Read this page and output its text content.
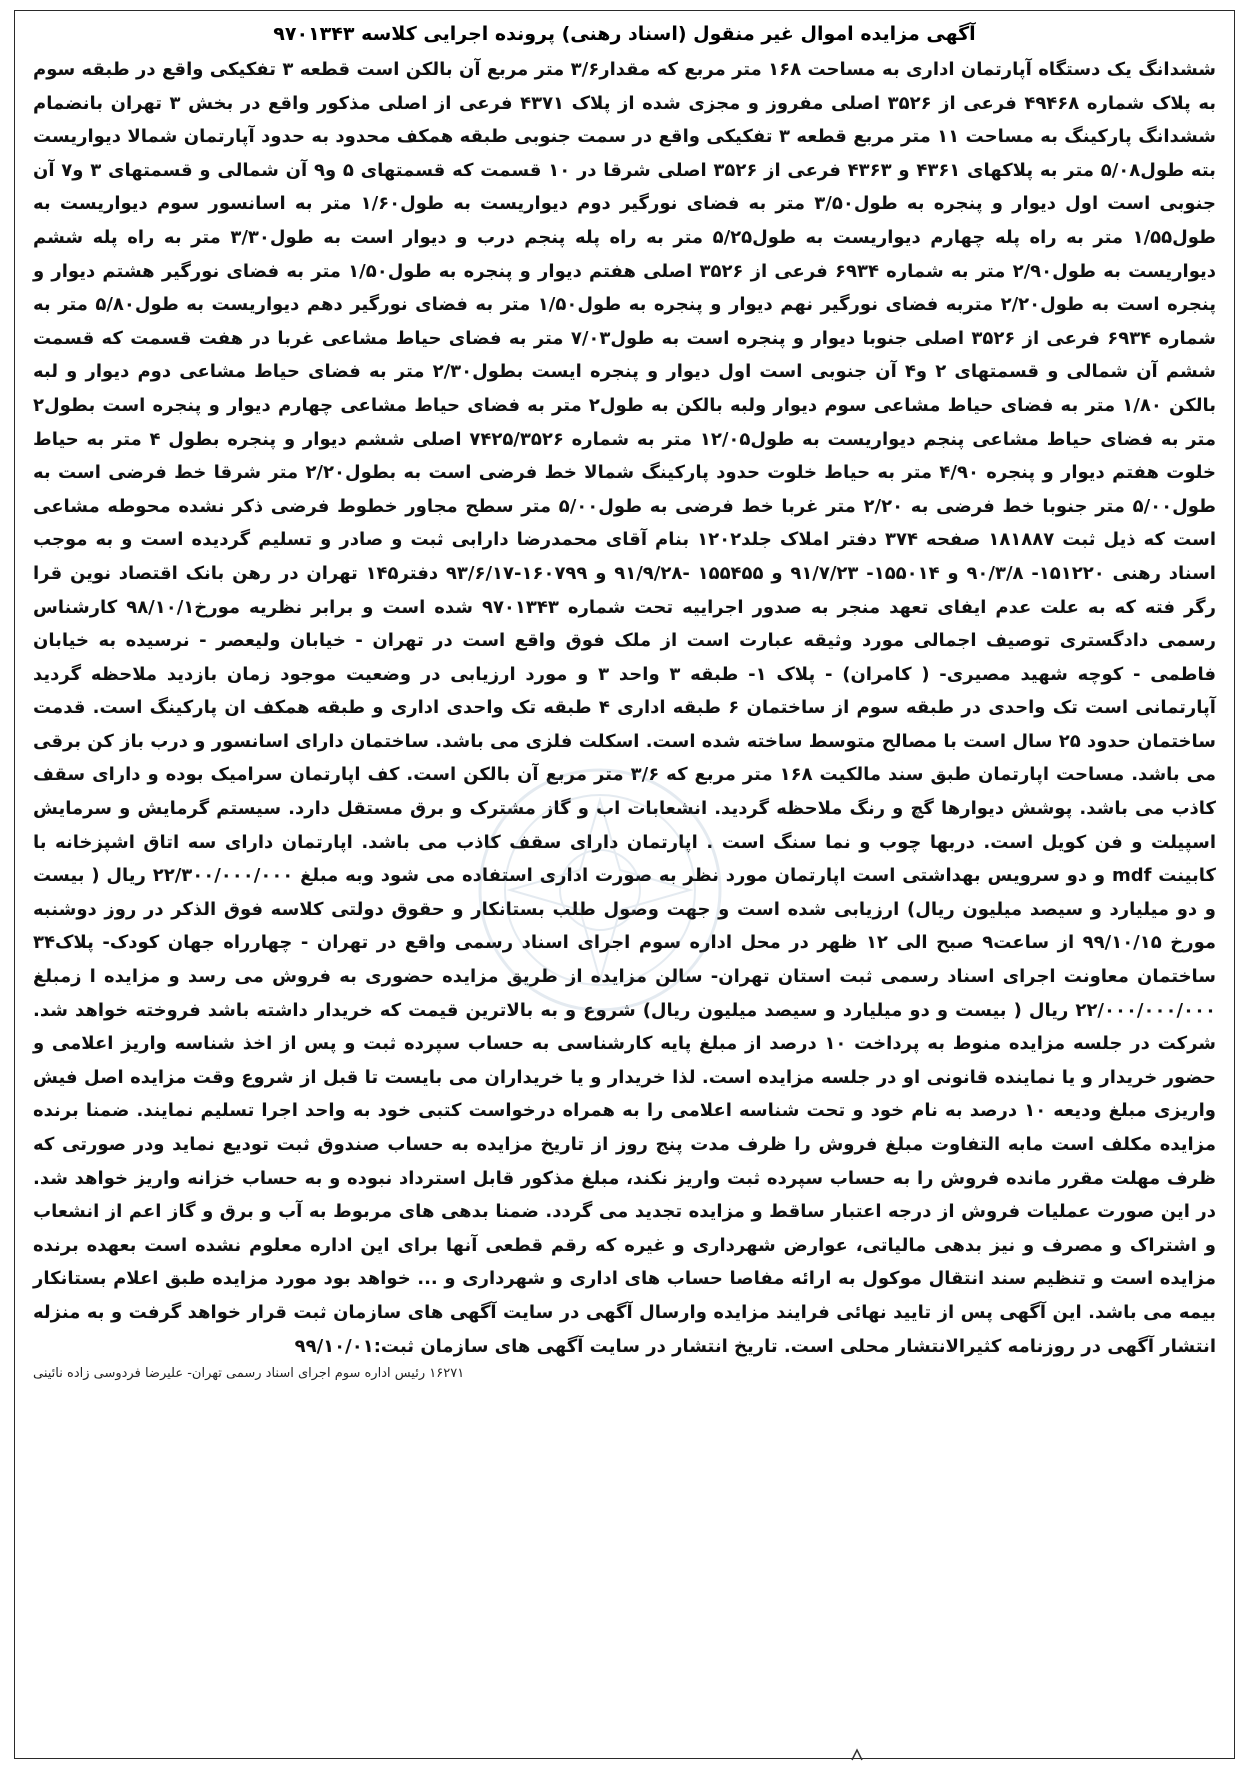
آگهی مزایده اموال غیر منقول (اسناد رهنی) پرونده اجرایی کلاسه ۹۷۰۱۳۴۳

ششدانگ یک دستگاه آپارتمان اداری به مساحت ۱۶۸ متر مربع که مقدار۳/۶ متر مربع آن بالکن است قطعه ۳ تفکیکی واقع در طبقه سوم به پلاک شماره ۴۹۴۶۸ فرعی از ۳۵۲۶ اصلی مفروز و مجزی شده از پلاک ۴۳۷۱ فرعی از اصلی مذکور واقع در بخش ۳ تهران بانضمام ششدانگ پارکینگ به مساحت ۱۱ متر مربع قطعه ۳ تفکیکی واقع در سمت جنوبی طبقه همکف محدود به حدود آپارتمان شمالا دیواریست بته طول۵/۰۸ متر به پلاکهای ۴۳۶۱ و ۴۳۶۳ فرعی از ۳۵۲۶ اصلی شرقا در ۱۰ قسمت که قسمتهای ۵ و۹ آن شمالی و قسمتهای ۳ و۷ آن جنوبی است اول دیوار و پنجره به طول۳/۵۰ متر به فضای نورگیر دوم دیواریست به طول۱/۶۰ متر به اسانسور سوم دیواریست به طول۱/۵۵ متر به راه پله چهارم دیواریست به طول۵/۲۵ متر به راه پله پنجم درب و دیوار است به طول۳/۳۰ متر به راه پله ششم دیواریست به طول۲/۹۰ متر به شماره ۶۹۳۴ فرعی از ۳۵۲۶ اصلی هفتم دیوار و پنجره به طول۱/۵۰ متر به فضای نورگیر هشتم دیوار و پنجره است به طول۲/۲۰ متربه فضای نورگیر نهم دیوار و پنجره به طول۱/۵۰ متر به فضای نورگیر دهم دیواریست به طول۵/۸۰ متر به شماره ۶۹۳۴ فرعی از ۳۵۲۶ اصلی جنوبا دیوار و پنجره است به طول۷/۰۳ متر به فضای حیاط مشاعی غربا در هفت قسمت که قسمت ششم آن شمالی و قسمتهای ۲ و۴ آن جنوبی است اول دیوار و پنجره ایست بطول۲/۳۰ متر به فضای حیاط مشاعی دوم دیوار و لبه بالکن ۱/۸۰ متر به فضای حیاط مشاعی سوم دیوار ولبه بالکن به طول۲ متر به فضای حیاط مشاعی چهارم دیوار و پنجره است بطول۲ متر به فضای حیاط مشاعی پنجم دیواریست به طول۱۲/۰۵ متر به شماره ۷۴۲۵/۳۵۲۶ اصلی ششم دیوار و پنجره بطول ۴ متر به حیاط خلوت هفتم دیوار و پنجره ۴/۹۰ متر به حیاط خلوت حدود پارکینگ شمالا خط فرضی است به بطول۲/۲۰ متر شرقا خط فرضی است به طول۵/۰۰ متر جنوبا خط فرضی به ۲/۲۰ متر غربا خط فرضی به طول۵/۰۰ متر سطح مجاور خطوط فرضی ذکر نشده محوطه مشاعی است که ذیل ثبت ۱۸۱۸۸۷ صفحه ۳۷۴ دفتر املاک جلد۱۲۰۲ بنام آقای محمدرضا دارابی ثبت و صادر و تسلیم گردیده است و به موجب اسناد رهنی ۱۵۱۲۲۰- ۹۰/۳/۸ و ۱۵۵۰۱۴- ۹۱/۷/۲۳ و ۱۵۵۴۵۵ -۹۱/۹/۲۸ و ۱۶۰۷۹۹-۹۳/۶/۱۷ دفتر۱۴۵ تهران در رهن بانک اقتصاد نوین قرا رگر فته که به علت عدم ایفای تعهد منجر به صدور اجراییه تحت شماره ۹۷۰۱۳۴۳ شده است و برابر نظریه مورخ۹۸/۱۰/۱ کارشناس رسمی دادگستری توصیف اجمالی مورد وثیقه عبارت است از ملک فوق واقع است در تهران - خیابان ولیعصر - نرسیده به خیابان فاطمی - کوچه شهید مصیری- ( کامران) - پلاک ۱- طبقه ۳ واحد ۳ و مورد ارزیابی در وضعیت موجود زمان بازدید ملاحظه گردید آپارتمانی است تک واحدی در طبقه سوم از ساختمان ۶ طبقه اداری ۴ طبقه تک واحدی اداری و طبقه همکف ان پارکینگ است. قدمت ساختمان حدود ۲۵ سال است با مصالح متوسط ساخته شده است. اسکلت فلزی می باشد. ساختمان دارای اسانسور و درب باز کن برقی می باشد. مساحت اپارتمان طبق سند مالکیت ۱۶۸ متر مربع که ۳/۶ متر مربع آن بالکن است. کف اپارتمان سرامیک بوده و دارای سقف کاذب می باشد. پوشش دیوارها گچ و رنگ ملاحظه گردید. انشعابات اب و گاز مشترک و برق مستقل دارد. سیستم گرمایش و سرمایش اسپیلت و فن کویل است. دربها چوب و نما سنگ است . اپارتمان دارای سقف کاذب می باشد. اپارتمان دارای سه اتاق اشپزخانه با کابینت mdf و دو سرویس بهداشتی است اپارتمان مورد نظر به صورت اداری استفاده می شود وبه مبلغ ۲۲/۳۰۰/۰۰۰/۰۰۰ ریال ( بیست و دو میلیارد و سیصد میلیون ریال) ارزیابی شده است و جهت وصول طلب بستانکار و حقوق دولتی کلاسه فوق الذکر در روز دوشنبه مورخ ۹۹/۱۰/۱۵ از ساعت۹ صبح الی ۱۲ ظهر در محل اداره سوم اجرای اسناد رسمی واقع در تهران - چهارراه جهان کودک- پلاک۳۴ ساختمان معاونت اجرای اسناد رسمی ثبت استان تهران- سالن مزایده از طریق مزایده حضوری به فروش می رسد و مزایده ا زمبلغ ۲۲/۰۰۰/۰۰۰/۰۰۰ ریال ( بیست و دو میلیارد و سیصد میلیون ریال) شروع و به بالاترین قیمت که خریدار داشته باشد فروخته خواهد شد. شرکت در جلسه مزایده منوط به پرداخت ۱۰ درصد از مبلغ پایه کارشناسی به حساب سپرده ثبت و پس از اخذ شناسه واریز اعلامی و حضور خریدار و یا نماینده قانونی او در جلسه مزایده است. لذا خریدار و یا خریداران می بایست تا قبل از شروع وقت مزایده اصل فیش واریزی مبلغ ودیعه ۱۰ درصد به نام خود و تحت شناسه اعلامی را به همراه درخواست کتبی خود به واحد اجرا تسلیم نمایند. ضمنا برنده مزایده مکلف است مابه التفاوت مبلغ فروش را ظرف مدت پنج روز از تاریخ مزایده به حساب صندوق ثبت تودیع نماید ودر صورتی که ظرف مهلت مقرر مانده فروش را به حساب سپرده ثبت واریز نکند، مبلغ مذکور قابل استرداد نبوده و به حساب خزانه واریز خواهد شد. در این صورت عملیات فروش از درجه اعتبار ساقط و مزایده تجدید می گردد. ضمنا بدهی های مربوط به آب و برق و گاز اعم از انشعاب و اشتراک و مصرف و نیز بدهی مالیاتی، عوارض شهرداری و غیره که رقم قطعی آنها برای این اداره معلوم نشده است بعهده برنده مزایده است و تنظیم سند انتقال موکول به ارائه مفاصا حساب های اداری و شهرداری و ... خواهد بود مورد مزایده طبق اعلام بستانکار بیمه می باشد. این آگهی پس از تایید نهائی فرایند مزایده وارسال آگهی در سایت آگهی های سازمان ثبت قرار خواهد گرفت و به منزله انتشار آگهی در روزنامه کثیرالانتشار محلی است. تاریخ انتشار در سایت آگهی های سازمان ثبت:۹۹/۱۰/۰۱

۱۶۲۷۱ رئیس اداره سوم اجرای اسناد رسمی تهران- علیرضا فردوسی زاده نائینی
